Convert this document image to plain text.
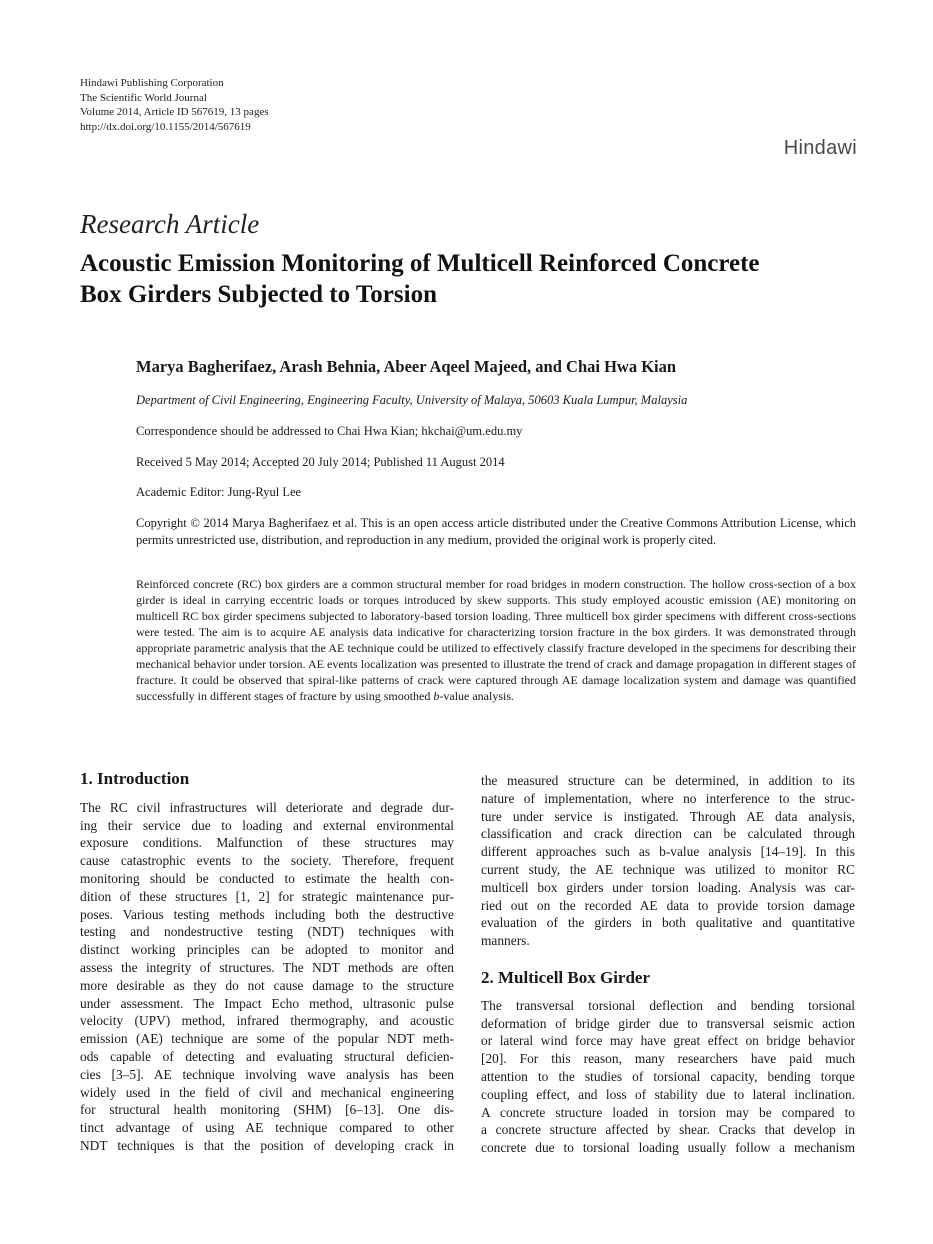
Hindawi Publishing Corporation
The Scientific World Journal
Volume 2014, Article ID 567619, 13 pages
http://dx.doi.org/10.1155/2014/567619
Hindawi
Research Article
Acoustic Emission Monitoring of Multicell Reinforced Concrete
Box Girders Subjected to Torsion
Marya Bagherifaez, Arash Behnia, Abeer Aqeel Majeed, and Chai Hwa Kian
Department of Civil Engineering, Engineering Faculty, University of Malaya, 50603 Kuala Lumpur, Malaysia
Correspondence should be addressed to Chai Hwa Kian; hkchai@um.edu.my
Received 5 May 2014; Accepted 20 July 2014; Published 11 August 2014
Academic Editor: Jung-Ryul Lee
Copyright © 2014 Marya Bagherifaez et al. This is an open access article distributed under the Creative Commons Attribution License, which permits unrestricted use, distribution, and reproduction in any medium, provided the original work is properly cited.
Reinforced concrete (RC) box girders are a common structural member for road bridges in modern construction. The hollow cross-section of a box girder is ideal in carrying eccentric loads or torques introduced by skew supports. This study employed acoustic emission (AE) monitoring on multicell RC box girder specimens subjected to laboratory-based torsion loading. Three multicell box girder specimens with different cross-sections were tested. The aim is to acquire AE analysis data indicative for characterizing torsion fracture in the box girders. It was demonstrated through appropriate parametric analysis that the AE technique could be utilized to effectively classify fracture developed in the specimens for describing their mechanical behavior under torsion. AE events localization was presented to illustrate the trend of crack and damage propagation in different stages of fracture. It could be observed that spiral-like patterns of crack were captured through AE damage localization system and damage was quantified successfully in different stages of fracture by using smoothed b-value analysis.
1. Introduction

The RC civil infrastructures will deteriorate and degrade dur-

ing their service due to loading and external environmental

exposure conditions. Malfunction of these structures may

cause catastrophic events to the society. Therefore, frequent

monitoring should be conducted to estimate the health con-

dition of these structures [1, 2] for strategic maintenance pur-

poses. Various testing methods including both the destructive

testing and nondestructive testing (NDT) techniques with

distinct working principles can be adopted to monitor and

assess the integrity of structures. The NDT methods are often

more desirable as they do not cause damage to the structure

under assessment. The Impact Echo method, ultrasonic pulse

velocity (UPV) method, infrared thermography, and acoustic

emission (AE) technique are some of the popular NDT meth-

ods capable of detecting and evaluating structural deficien-

cies [3–5]. AE technique involving wave analysis has been

widely used in the field of civil and mechanical engineering

for structural health monitoring (SHM) [6–13]. One dis-

tinct advantage of using AE technique compared to other

NDT techniques is that the position of developing crack in

the measured structure can be determined, in addition to its

nature of implementation, where no interference to the struc-

ture under service is instigated. Through AE data analysis,

classification and crack direction can be calculated through

different approaches such as b-value analysis [14–19]. In this

current study, the AE technique was utilized to monitor RC

multicell box girders under torsion loading. Analysis was car-

ried out on the recorded AE data to provide torsion damage

evaluation of the girders in both qualitative and quantitative

manners.

2. Multicell Box Girder

The transversal torsional deflection and bending torsional

deformation of bridge girder due to transversal seismic action

or lateral wind force may have great effect on bridge behavior

[20]. For this reason, many researchers have paid much

attention to the studies of torsional capacity, bending torque

coupling effect, and loss of stability due to lateral inclination.

A concrete structure loaded in torsion may be compared to

a concrete structure affected by shear. Cracks that develop in

concrete due to torsional loading usually follow a mechanism
